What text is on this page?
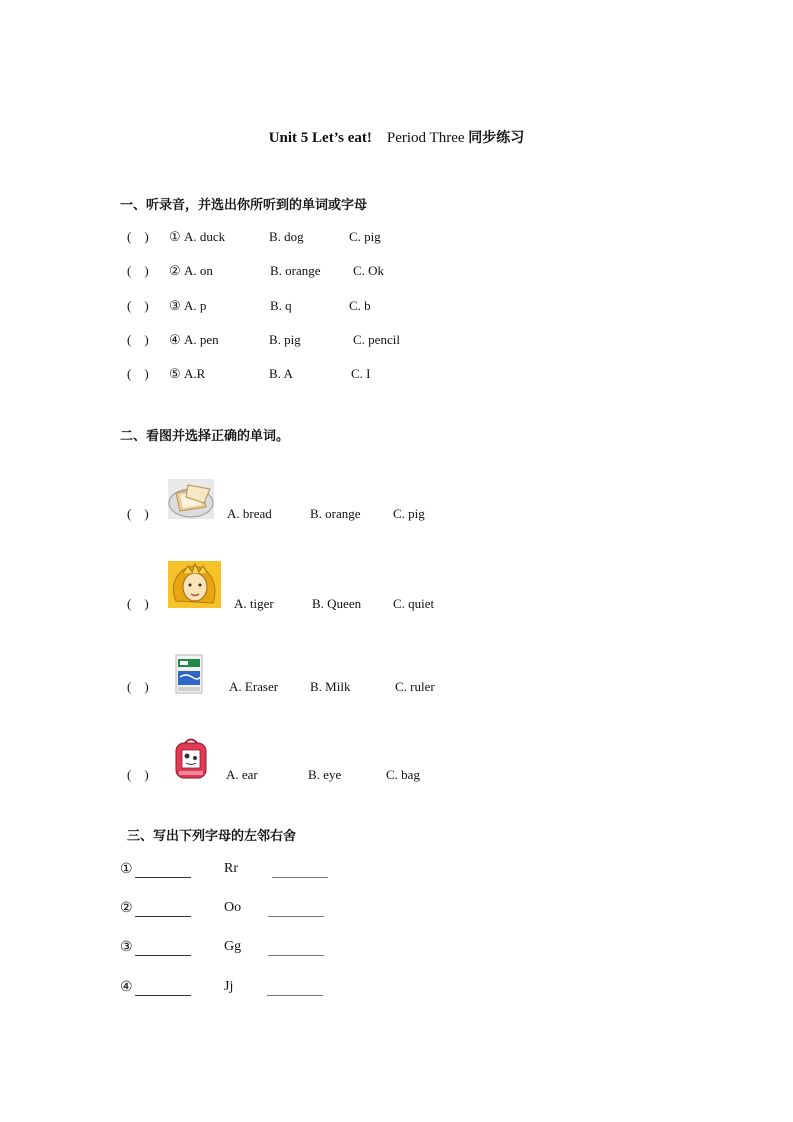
Unit 5 Let’s eat! Period Three 同步练习
一、听录音，并选出你所听到的单词或字母
(    ) ① A. duck	B. dog	C. pig
(    ) ② A. on	B. orange C. Ok
(    ) ③ A. p	B. q	C. b
(    ) ④ A. pen	B. pig	C. pencil
(    ) ⑤ A.R	B. A	C. I
二、看图并选择正确的单词。
(    )	A. bread	B. orange C. pig
(    )	A. tiger	B. Queen C. quiet
(    )	A. Eraser B. Milk	C. ruler
(    )	A. ear	B. eye	C. bag
三、写出下列字母的左邻右舍
①	Rr
②	Oo
③	Gg
④	Jj
